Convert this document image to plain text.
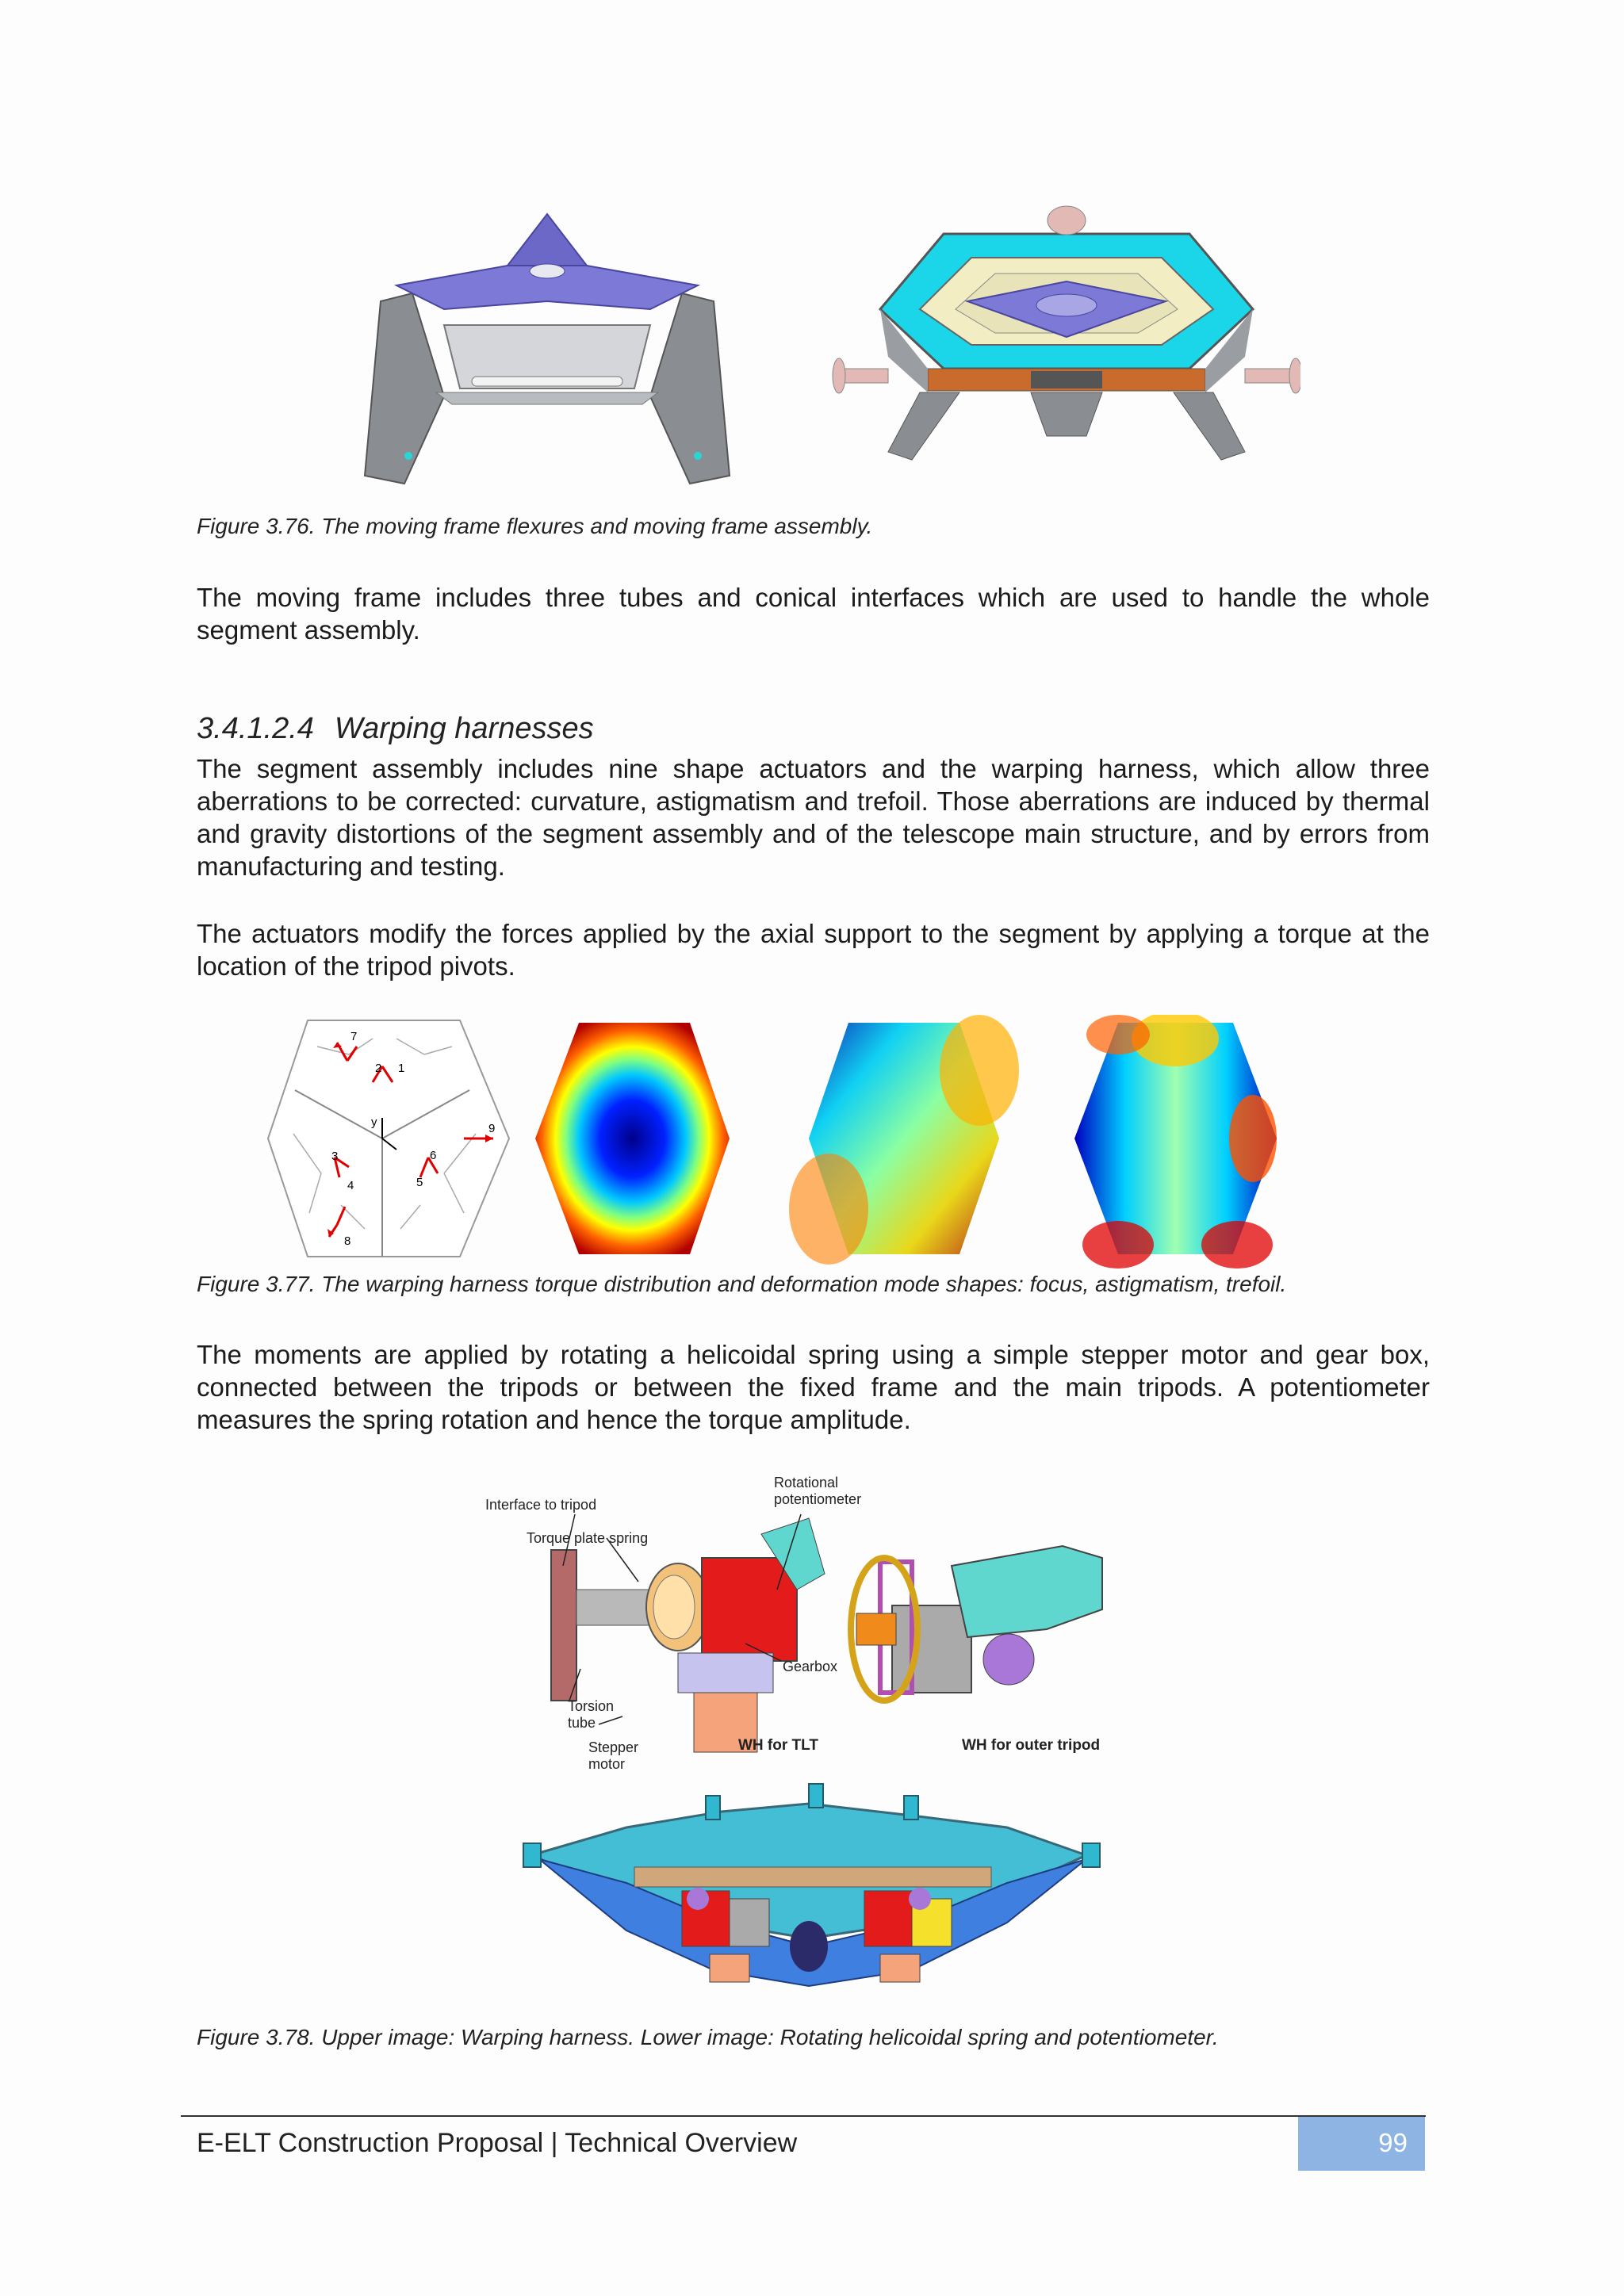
Figure 3.76. The moving frame flexures and moving frame assembly.
The moving frame includes three tubes and conical interfaces which are used to handle the whole segment assembly.
3.4.1.2.4 Warping harnesses
The segment assembly includes nine shape actuators and the warping harness, which allow three aberrations to be corrected: curvature, astigmatism and trefoil. Those aberrations are induced by thermal and gravity distortions of the segment assembly and of the telescope main structure, and by errors from manufacturing and testing.
The actuators modify the forces applied by the axial support to the segment by applying a torque at the location of the tripod pivots.
7
2 1
9
3	6
4	5
8
y
Figure 3.77. The warping harness torque distribution and deformation mode shapes: focus, astigmatism, trefoil.
The moments are applied by rotating a helicoidal spring using a simple stepper motor and gear box, connected between the tripods or between the fixed frame and the main tripods. A potentiometer measures the spring rotation and hence the torque amplitude.
Interface to tripod
Torque plate spring
Rotational
potentiometer
Gearbox
Torsion
tube
Stepper
motor
WH for TLT	WH for outer tripod
Figure 3.78. Upper image: Warping harness. Lower image: Rotating helicoidal spring and potentiometer.
E-ELT Construction Proposal | Technical Overview	99
